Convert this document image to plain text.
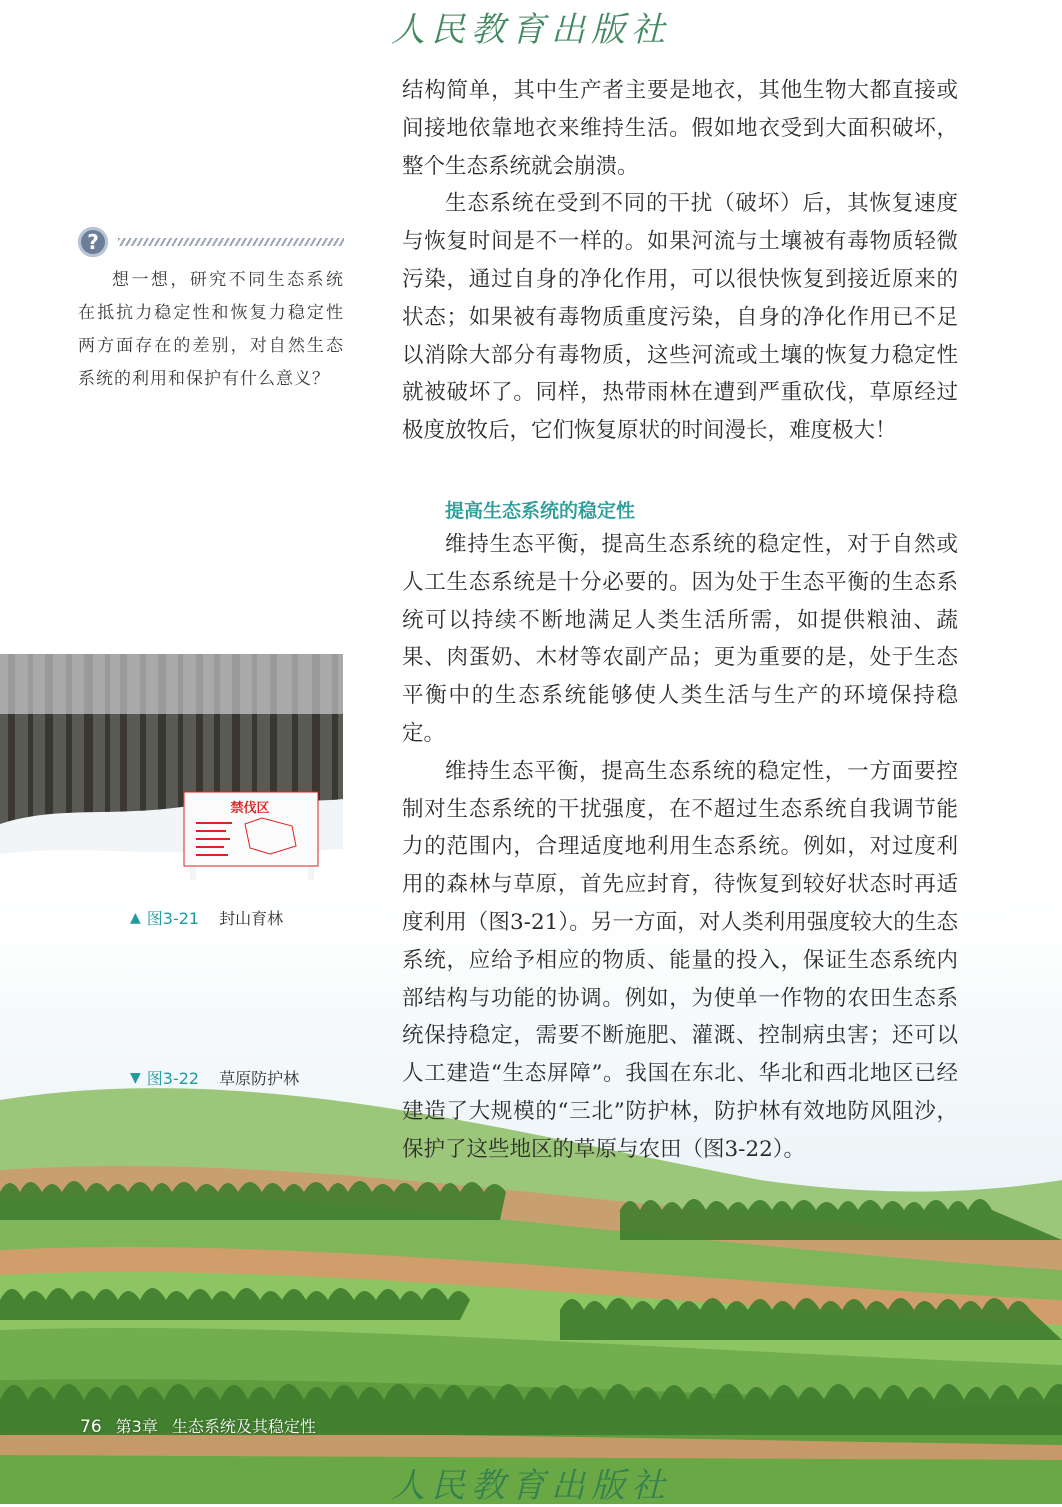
人民教育出版社

结构简单，其中生产者主要是地衣，其他生物大都直接或间接地依靠地衣来维持生活。假如地衣受到大面积破坏，整个生态系统就会崩溃。

生态系统在受到不同的干扰（破坏）后，其恢复速度与恢复时间是不一样的。如果河流与土壤被有毒物质轻微污染，通过自身的净化作用，可以很快恢复到接近原来的状态；如果被有毒物质重度污染，自身的净化作用已不足以消除大部分有毒物质，这些河流或土壤的恢复力稳定性就被破坏了。同样，热带雨林在遭到严重砍伐，草原经过极度放牧后，它们恢复原状的时间漫长，难度极大！

提高生态系统的稳定性

维持生态平衡，提高生态系统的稳定性，对于自然或人工生态系统是十分必要的。因为处于生态平衡的生态系统可以持续不断地满足人类生活所需，如提供粮油、蔬果、肉蛋奶、木材等农副产品；更为重要的是，处于生态平衡中的生态系统能够使人类生活与生产的环境保持稳定。

维持生态平衡，提高生态系统的稳定性，一方面要控制对生态系统的干扰强度，在不超过生态系统自我调节能力的范围内，合理适度地利用生态系统。例如，对过度利用的森林与草原，首先应封育，待恢复到较好状态时再适度利用（图3-21）。另一方面，对人类利用强度较大的生态系统，应给予相应的物质、能量的投入，保证生态系统内部结构与功能的协调。例如，为使单一作物的农田生态系统保持稳定，需要不断施肥、灌溉、控制病虫害；还可以人工建造“生态屏障”。我国在东北、华北和西北地区已经建造了大规模的“三北”防护林，防护林有效地防风阻沙，保护了这些地区的草原与农田（图3-22）。

?
想一想，研究不同生态系统在抵抗力稳定性和恢复力稳定性两方面存在的差别，对自然生态系统的利用和保护有什么意义？
禁伐区
▲ 图3-21 封山育林
▼ 图3-22 草原防护林
76 第3章 生态系统及其稳定性
人民教育出版社
